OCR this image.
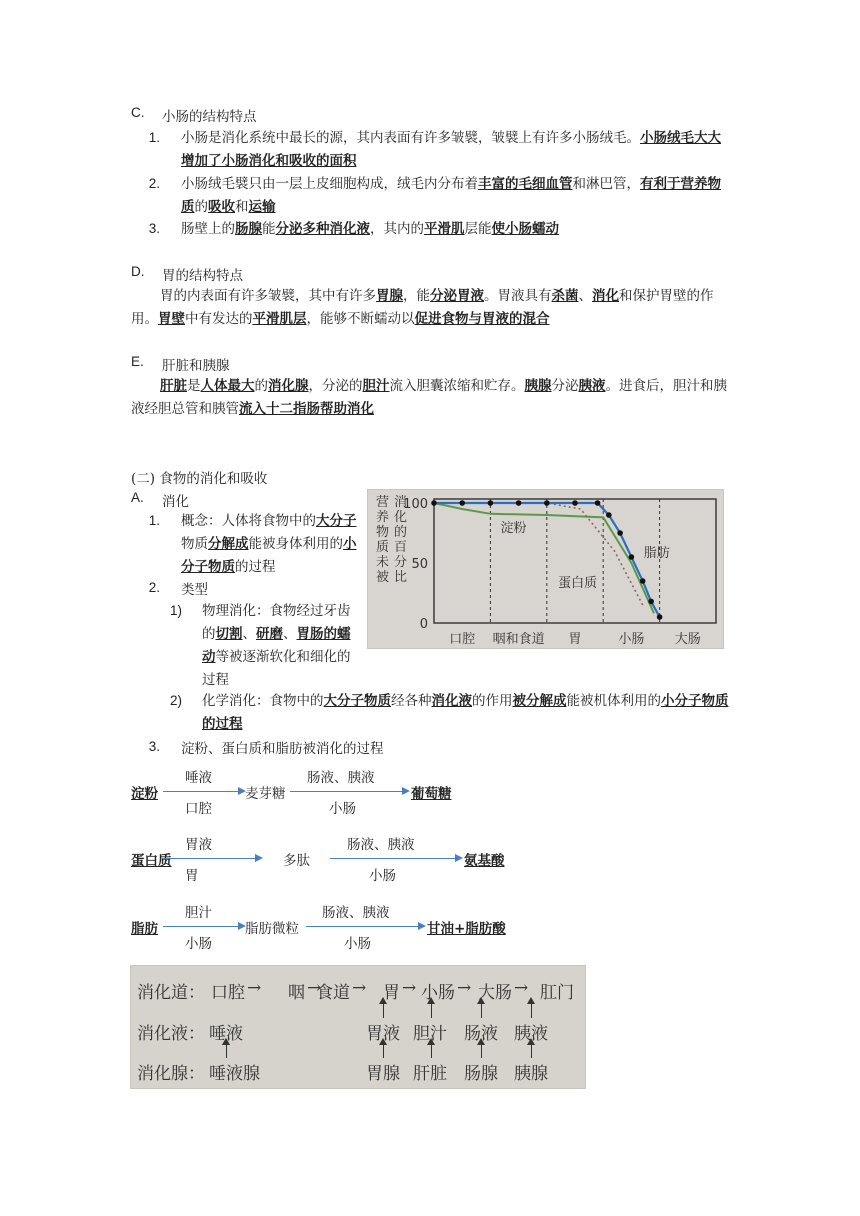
C. 小肠的结构特点
1. 小肠是消化系统中最长的源，其内表面有许多皱襞，皱襞上有许多小肠绒毛。小肠绒毛大大增加了小肠消化和吸收的面积
2. 小肠绒毛襞只由一层上皮细胞构成，绒毛内分布着丰富的毛细血管和淋巴管，有利于营养物质的吸收和运输
3. 肠壁上的肠腺能分泌多种消化液，其内的平滑肌层能使小肠蠕动
D. 胃的结构特点
胃的内表面有许多皱襞，其中有许多胃腺，能分泌胃液。胃液具有杀菌、消化和保护胃壁的作用。胃壁中有发达的平滑肌层，能够不断蠕动以促进食物与胃液的混合
E. 肝脏和胰腺
肝脏是人体最大的消化腺，分泌的胆汁流入胆囊浓缩和贮存。胰腺分泌胰液。进食后，胆汁和胰液经胆总管和胰管流入十二指肠帮助消化
(二) 食物的消化和吸收
A. 消化
1. 概念：人体将食物中的大分子物质分解成能被身体利用的小分子物质的过程
2. 类型
1) 物理消化：食物经过牙齿的切割、研磨、胃肠的蠕动等被逐渐软化和细化的过程
2) 化学消化：食物中的大分子物质经各种消化液的作用被分解成能被机体利用的小分子物质的过程
3. 淀粉、蛋白质和脂肪被消化的过程
营
养
物
质
未
被
消
化
的
百
分
比
100
50
0
口腔 咽和食道 胃	小肠 大肠
淀粉
蛋白质
脂肪
淀粉
唾液
口腔
麦芽糖
肠液、胰液
小肠
葡萄糖
蛋白质
胃液
胃
多肽
肠液、胰液
小肠
氨基酸
脂肪
胆汁
小肠
脂肪微粒
肠液、胰液
小肠
甘油+脂肪酸
消化道：
消化液：
消化腺：
口腔 → 咽 →
食道 → 胃 → 小肠 → 大肠 → 肛门
唾液	胃液 胆汁 肠液 胰液
唾液腺	胃腺 肝脏 肠腺 胰腺
